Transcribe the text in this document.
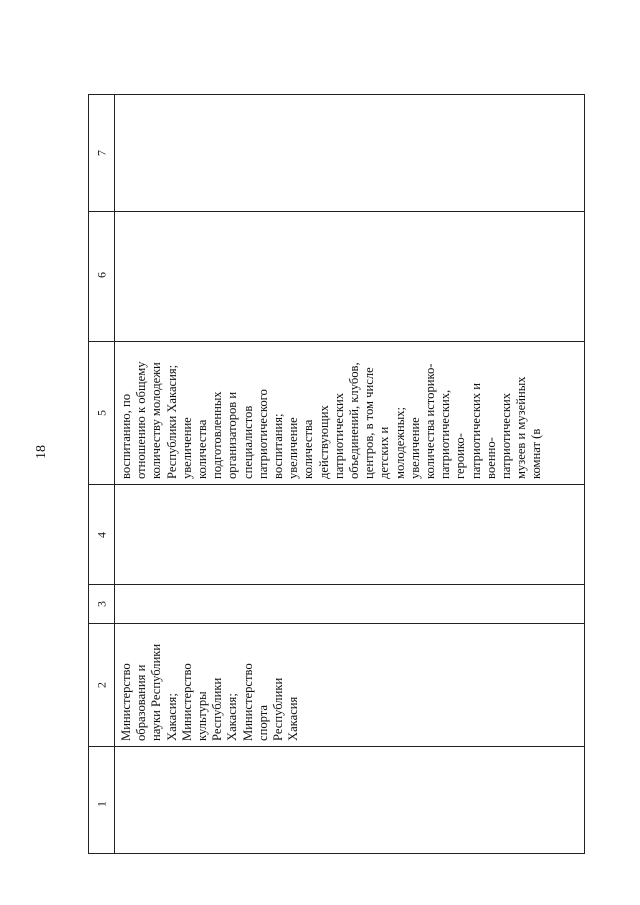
18
1
2
3
4
5
6
7
Министерство образования и науки Республики Хакасия; Министерство культуры Республики Хакасия; Министерство спорта Республики Хакасия
воспитанию, по отношению к общему количеству молодежи Республики Хакасия; увеличение количества подготовленных организаторов и специалистов патриотического воспитания; увеличение количества действующих патриотических объединений, клубов, центров, в том числе детских и молодежных; увеличение количества историко- патриотических, героико- патриотических и военно- патриотических музеев и музейных комнат (в
